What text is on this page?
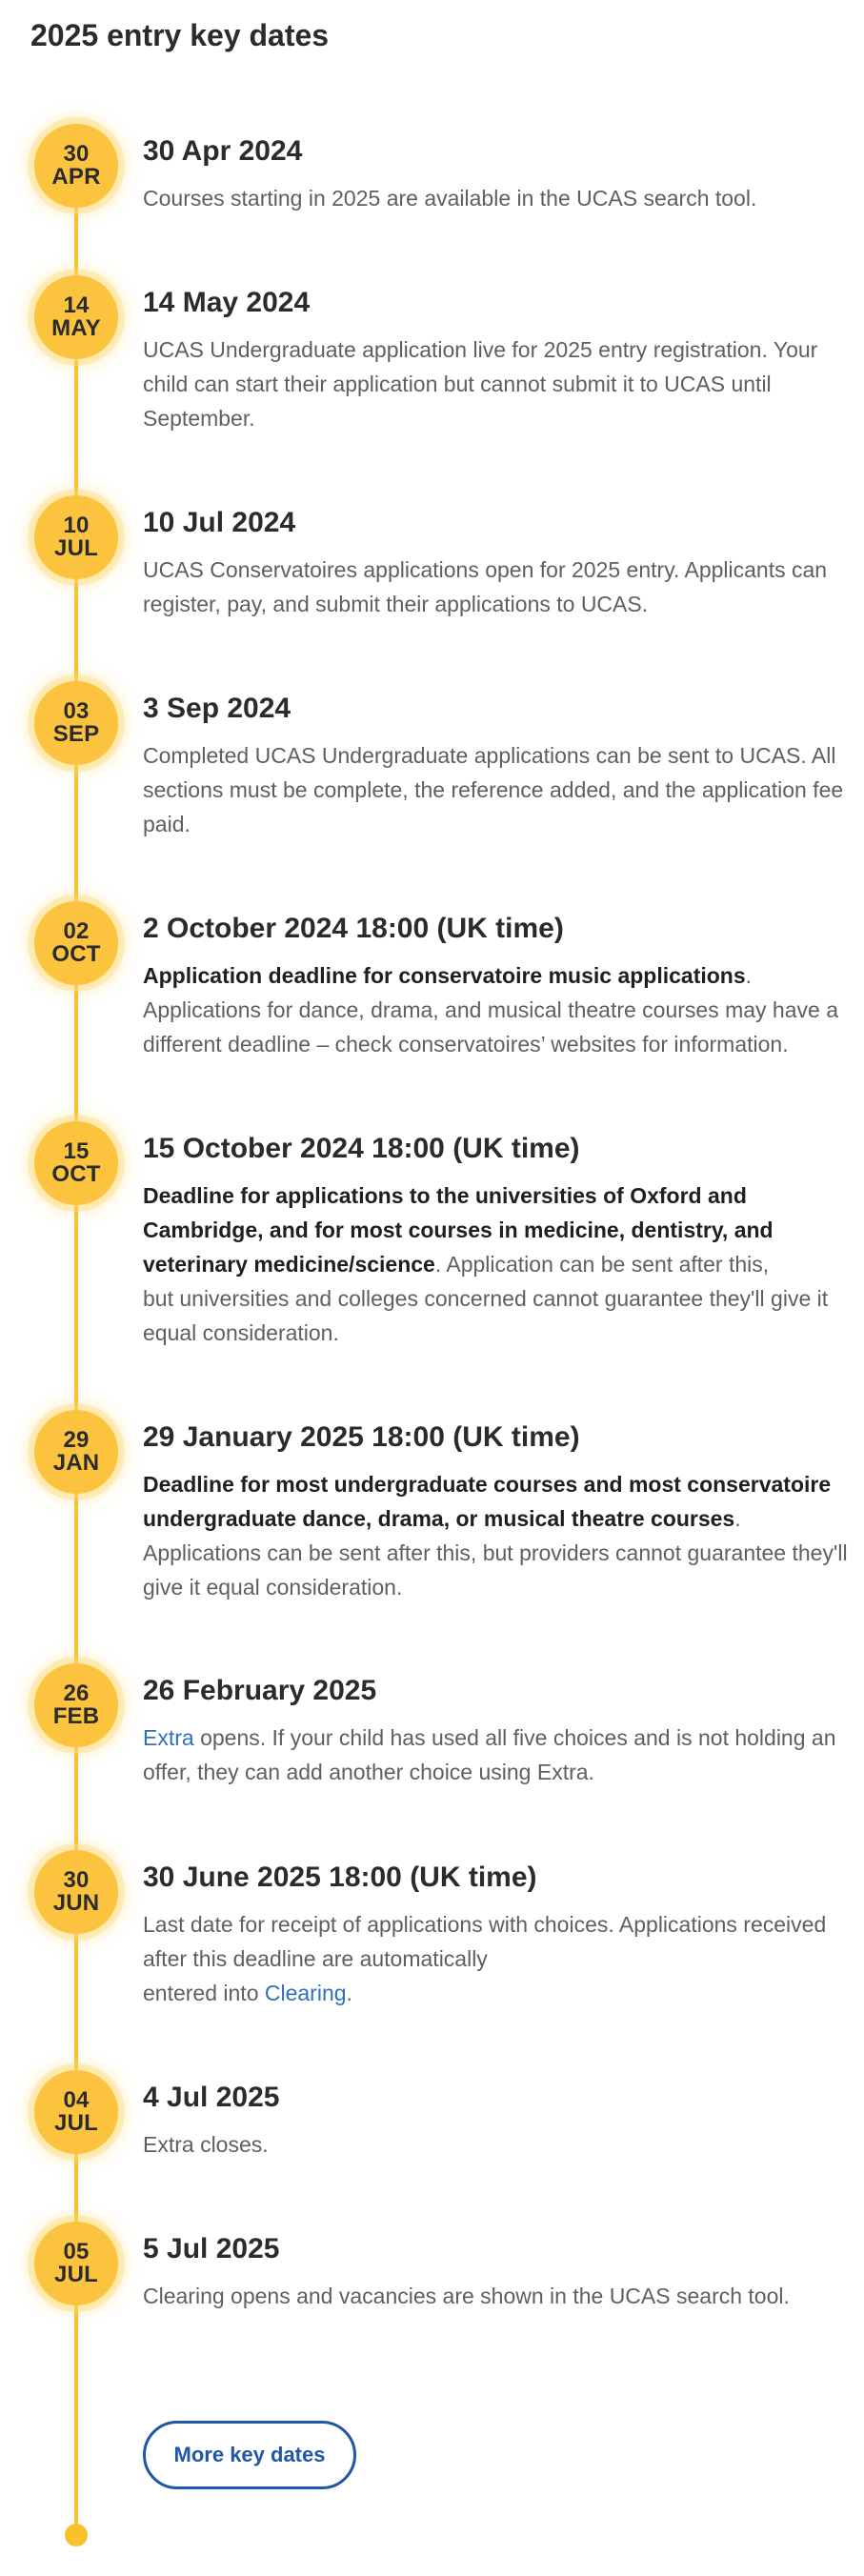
2025 entry key dates
30
APR
30 Apr 2024

Courses starting in 2025 are available in the UCAS search tool.

14
MAY
14 May 2024

UCAS Undergraduate application live for 2025 entry registration. Your child can start their application but cannot submit it to UCAS until September.

10
JUL
10 Jul 2024

UCAS Conservatoires applications open for 2025 entry. Applicants can register, pay, and submit their applications to UCAS.

03
SEP
3 Sep 2024

Completed UCAS Undergraduate applications can be sent to UCAS. All sections must be complete, the reference added, and the application fee paid.

02
OCT
2 October 2024 18:00 (UK time)

Application deadline for conservatoire music applications.
Applications for dance, drama, and musical theatre courses may have a different deadline – check conservatoires’ websites for information.

15
OCT
15 October 2024 18:00 (UK time)

Deadline for applications to the universities of Oxford and Cambridge, and for most courses in medicine, dentistry, and veterinary medicine/science. Application can be sent after this,
but universities and colleges concerned cannot guarantee they'll give it equal consideration.

29
JAN
29 January 2025 18:00 (UK time)

Deadline for most undergraduate courses and most conservatoire undergraduate dance, drama, or musical theatre courses.
Applications can be sent after this, but providers cannot guarantee they'll give it equal consideration.

26
FEB
26 February 2025

Extra opens. If your child has used all five choices and is not holding an offer, they can add another choice using Extra.

30
JUN
30 June 2025 18:00 (UK time)

Last date for receipt of applications with choices. Applications received after this deadline are automatically
entered into Clearing.

04
JUL
4 Jul 2025

Extra closes.

05
JUL
5 Jul 2025

Clearing opens and vacancies are shown in the UCAS search tool.

More key dates
